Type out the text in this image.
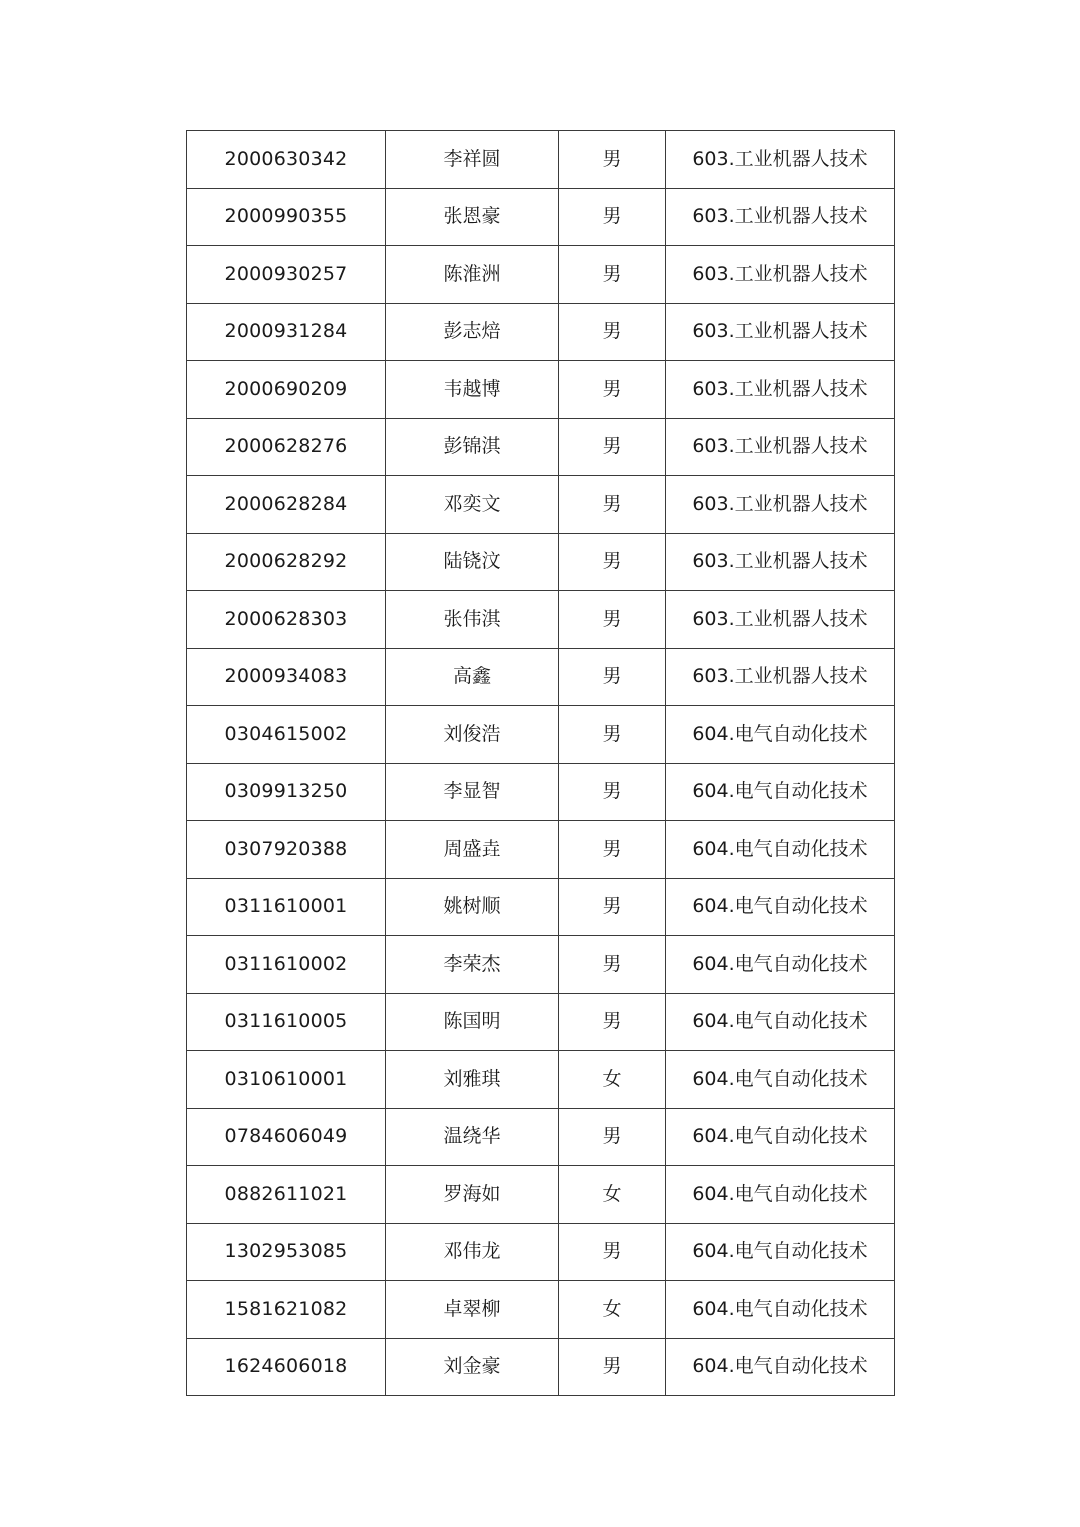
2000630342	李祥圆	男	603.工业机器人技术
2000990355	张恩豪	男	603.工业机器人技术
2000930257	陈淮洲	男	603.工业机器人技术
2000931284	彭志焙	男	603.工业机器人技术
2000690209	韦越博	男	603.工业机器人技术
2000628276	彭锦淇	男	603.工业机器人技术
2000628284	邓奕文	男	603.工业机器人技术
2000628292	陆铙汶	男	603.工业机器人技术
2000628303	张伟淇	男	603.工业机器人技术
2000934083	高鑫	男	603.工业机器人技术
0304615002	刘俊浩	男	604.电气自动化技术
0309913250	李显智	男	604.电气自动化技术
0307920388	周盛垚	男	604.电气自动化技术
0311610001	姚树顺	男	604.电气自动化技术
0311610002	李荣杰	男	604.电气自动化技术
0311610005	陈国明	男	604.电气自动化技术
0310610001	刘雅琪	女	604.电气自动化技术
0784606049	温绕华	男	604.电气自动化技术
0882611021	罗海如	女	604.电气自动化技术
1302953085	邓伟龙	男	604.电气自动化技术
1581621082	卓翠柳	女	604.电气自动化技术
1624606018	刘金豪	男	604.电气自动化技术
